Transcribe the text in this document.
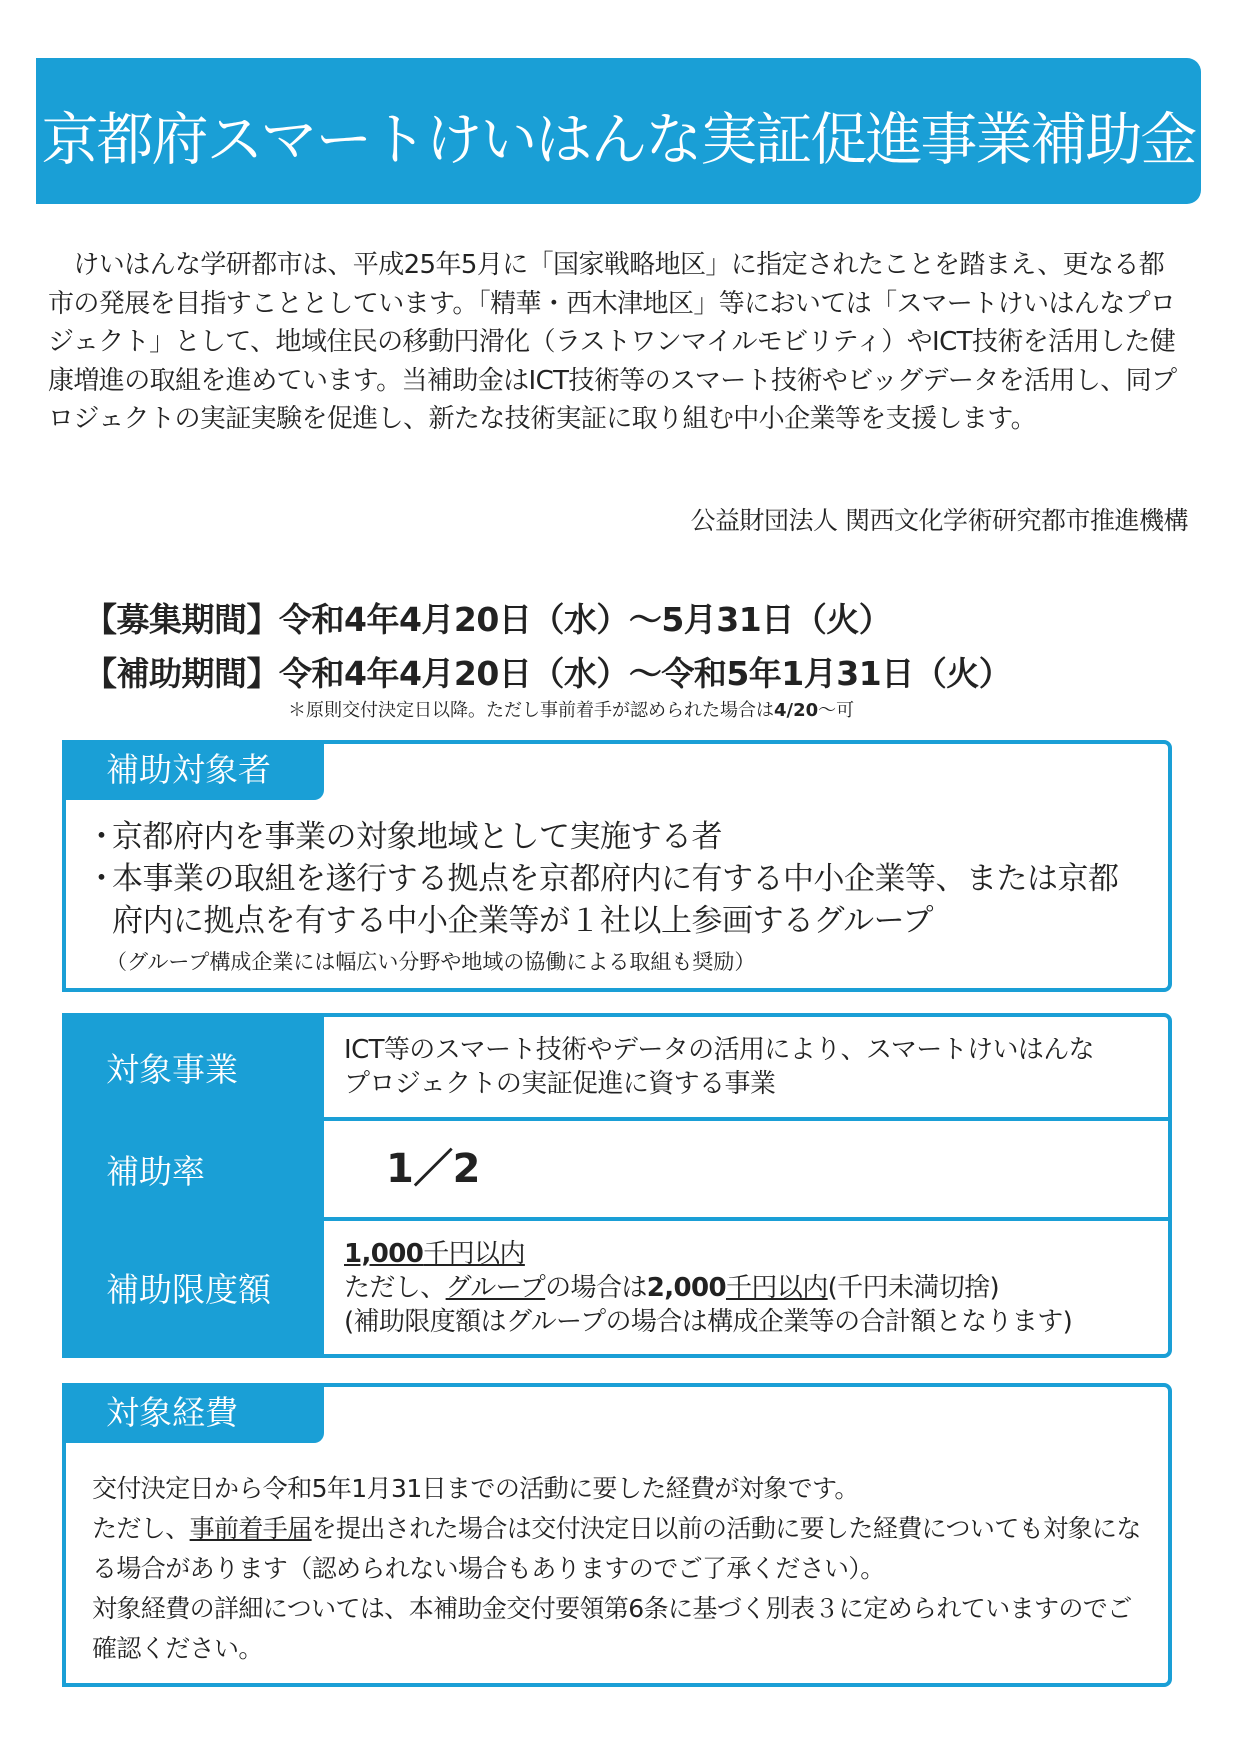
京都府スマートけいはんな実証促進事業補助金

　けいはんな学研都市は、平成25年5月に「国家戦略地区」に指定されたことを踏まえ、更なる都市の発展を目指すこととしています。「精華・西木津地区」等においては「スマートけいはんなプロジェクト」として、地域住民の移動円滑化（ラストワンマイルモビリティ）やICT技術を活用した健康増進の取組を進めています。当補助金はICT技術等のスマート技術やビッグデータを活用し、同プロジェクトの実証実験を促進し、新たな技術実証に取り組む中小企業等を支援します。

公益財団法人 関西文化学術研究都市推進機構
【募集期間】令和4年4月20日（水）～5月31日（火）
【補助期間】令和4年4月20日（水）～令和5年1月31日（火）
＊原則交付決定日以降。ただし事前着手が認められた場合は4/20～可
補助対象者
・ 京都府内を事業の対象地域として実施する者
・ 本事業の取組を遂行する拠点を京都府内に有する中小企業等、または京都府内に拠点を有する中小企業等が１社以上参画するグループ
（グループ構成企業には幅広い分野や地域の協働による取組も奨励）
対象事業	ICT等のスマート技術やデータの活用により、スマートけいはんな
プロジェクトの実証促進に資する事業
補助率	1／2
補助限度額
1,000千円以内
ただし、グループの場合は2,000千円以内(千円未満切捨)
(補助限度額はグループの場合は構成企業等の合計額となります)
対象経費
交付決定日から令和5年1月31日までの活動に要した経費が対象です。
ただし、事前着手届を提出された場合は交付決定日以前の活動に要した経費についても対象になる場合があります（認められない場合もありますのでご了承ください）。
対象経費の詳細については、本補助金交付要領第6条に基づく別表３に定められていますのでご確認ください。
